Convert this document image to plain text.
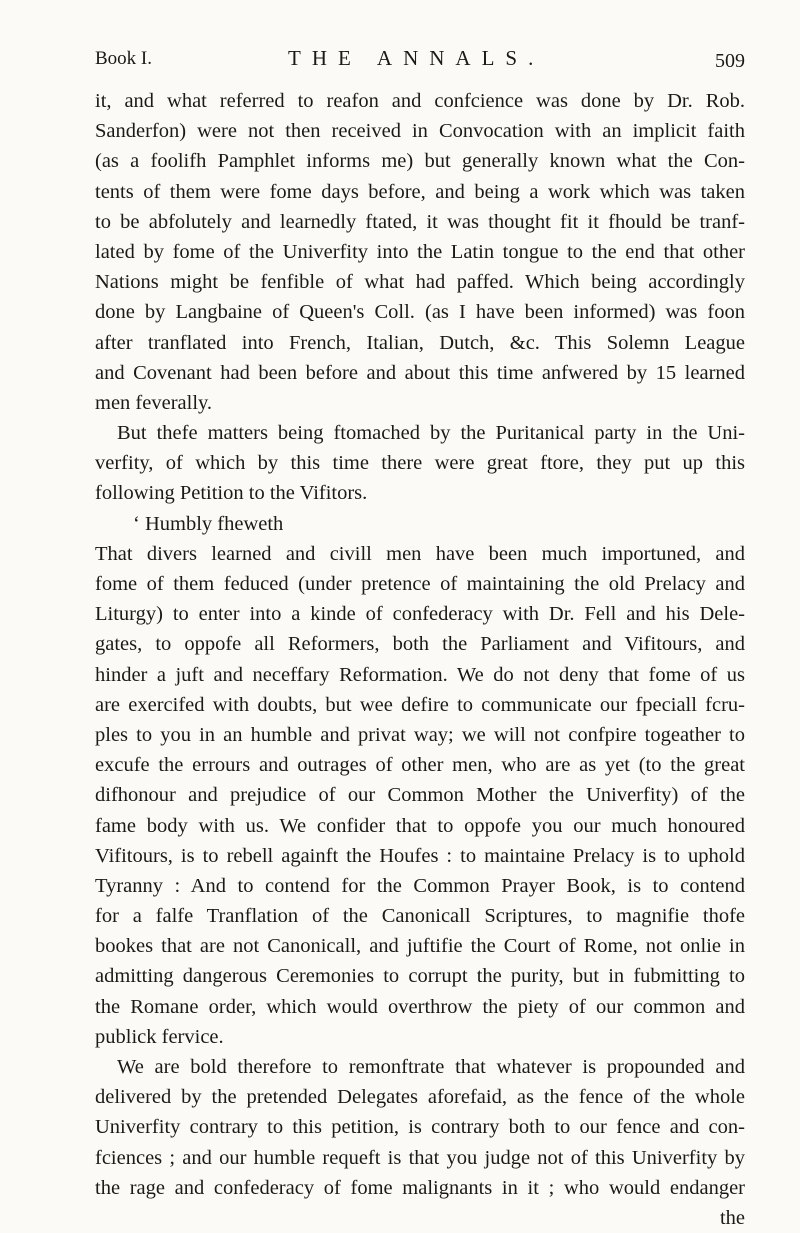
Book I.	THE ANNALS.	509
it, and what referred to reafon and confcience was done by Dr. Rob.
Sanderfon) were not then received in Convocation with an implicit faith
(as a foolifh Pamphlet informs me) but generally known what the Con-
tents of them were fome days before, and being a work which was taken
to be abfolutely and learnedly ftated, it was thought fit it fhould be tranf-
lated by fome of the Univerfity into the Latin tongue to the end that other
Nations might be fenfible of what had paffed. Which being accordingly
done by Langbaine of Queen's Coll. (as I have been informed) was foon
after tranflated into French, Italian, Dutch, &c. This Solemn League
and Covenant had been before and about this time anfwered by 15 learned
men feverally.
But thefe matters being ftomached by the Puritanical party in the Uni-
verfity, of which by this time there were great ftore, they put up this
following Petition to the Vifitors.
‘ Humbly fheweth
That divers learned and civill men have been much importuned, and
fome of them feduced (under pretence of maintaining the old Prelacy and
Liturgy) to enter into a kinde of confederacy with Dr. Fell and his Dele-
gates, to oppofe all Reformers, both the Parliament and Vifitours, and
hinder a juft and neceffary Reformation. We do not deny that fome of us
are exercifed with doubts, but wee defire to communicate our fpeciall fcru-
ples to you in an humble and privat way; we will not confpire togeather to
excufe the errours and outrages of other men, who are as yet (to the great
difhonour and prejudice of our Common Mother the Univerfity) of the
fame body with us. We confider that to oppofe you our much honoured
Vifitours, is to rebell againft the Houfes : to maintaine Prelacy is to uphold
Tyranny : And to contend for the Common Prayer Book, is to contend
for a falfe Tranflation of the Canonicall Scriptures, to magnifie thofe
bookes that are not Canonicall, and juftifie the Court of Rome, not onlie in
admitting dangerous Ceremonies to corrupt the purity, but in fubmitting to
the Romane order, which would overthrow the piety of our common and
publick fervice.
We are bold therefore to remonftrate that whatever is propounded and
delivered by the pretended Delegates aforefaid, as the fence of the whole
Univerfity contrary to this petition, is contrary both to our fence and con-
fciences ; and our humble requeft is that you judge not of this Univerfity by
the rage and confederacy of fome malignants in it ; who would endanger
the
